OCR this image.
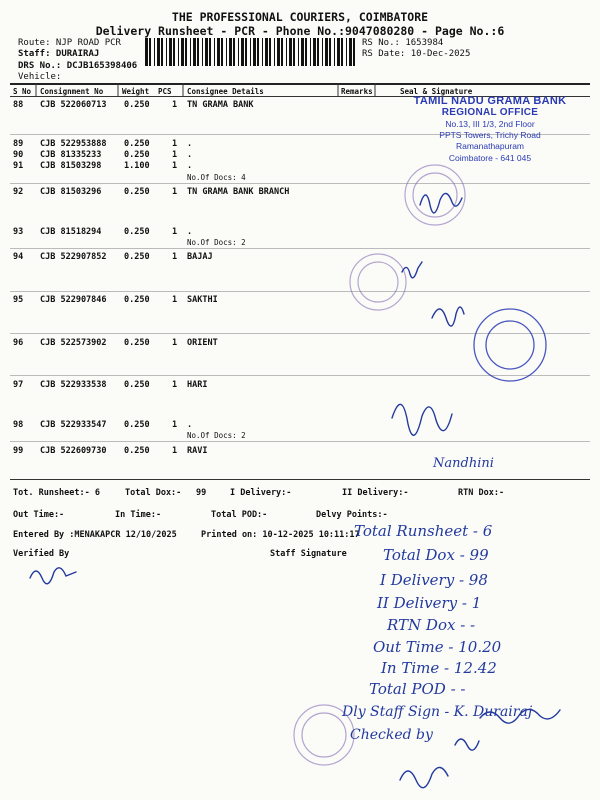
THE PROFESSIONAL COURIERS, COIMBATORE
Delivery Runsheet - PCR - Phone No.:9047080280 - Page No.:6
Route: NJP ROAD PCR
Staff: DURAIRAJ
DRS No.: DCJB165398406
Vehicle:
RS No.: 1653984
RS Date: 10-Dec-2025
S No Consignment No	Weight PCS Consignee Details	Remarks	Seal & Signature
88 CJB 522060713 0.250	1 TN GRAMA BANK
89 CJB 522953888 0.250	1 .
90 CJB 81335233	0.250	1 .
91 CJB 81503298	1.100	1 .
No.Of Docs: 4
92 CJB 81503296	0.250	1 TN GRAMA BANK BRANCH
93 CJB 81518294	0.250	1 .
No.Of Docs: 2
94 CJB 522907852 0.250	1 BAJAJ
95 CJB 522907846 0.250	1 SAKTHI
96 CJB 522573902 0.250	1 ORIENT
97 CJB 522933538 0.250	1 HARI
98 CJB 522933547 0.250	1 .
No.Of Docs: 2
99 CJB 522609730 0.250	1 RAVI
Tot. Runsheet:- 6	Total Dox:- 99	I Delivery:-	II Delivery:-	RTN Dox:-
Out Time:-	In Time:-	Total POD:-	Delvy Points:-
Entered By :MENAKAPCR 12/10/2025	Printed on: 10-12-2025 10:11:17
Verified By	Staff Signature
TAMIL NADU GRAMA BANK
REGIONAL OFFICE
No.13, III 1/3, 2nd Floor
PPTS Towers, Trichy Road
Ramanathapuram
Coimbatore - 641 045
Total Runsheet - 6
Total Dox - 99
I Delivery - 98
II Delivery - 1
RTN Dox - -
Out Time - 10.20
In Time - 12.42
Total POD - -
Dly Staff Sign - K. Durairaj
Checked by
Nandhini
